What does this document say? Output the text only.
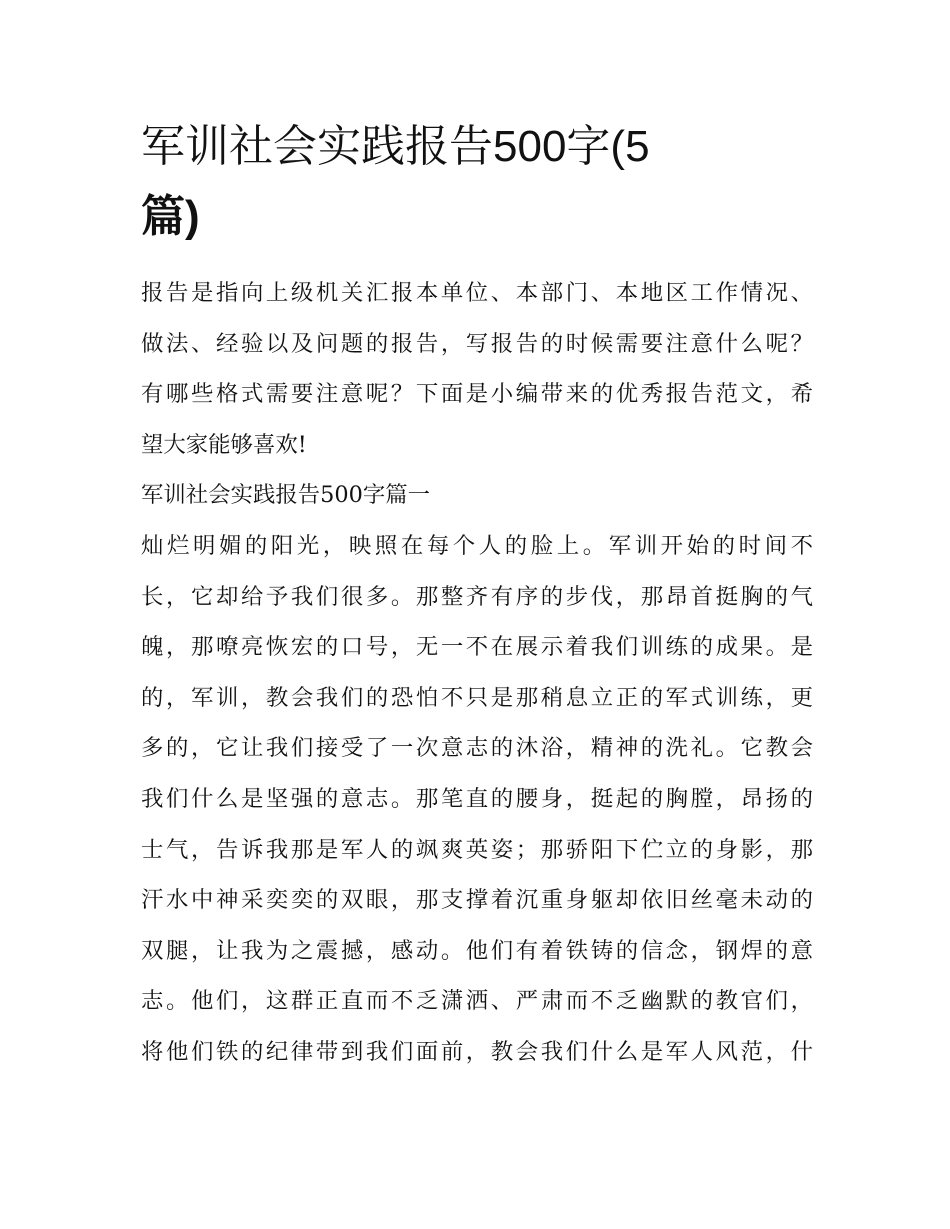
军训社会实践报告500字(5
篇)
报告是指向上级机关汇报本单位、本部门、本地区工作情况、
做法、经验以及问题的报告，写报告的时候需要注意什么呢？
有哪些格式需要注意呢？下面是小编带来的优秀报告范文，希
望大家能够喜欢!
军训社会实践报告500字篇一
灿烂明媚的阳光，映照在每个人的脸上。军训开始的时间不
长，它却给予我们很多。那整齐有序的步伐，那昂首挺胸的气
魄，那嘹亮恢宏的口号，无一不在展示着我们训练的成果。是
的，军训，教会我们的恐怕不只是那稍息立正的军式训练，更
多的，它让我们接受了一次意志的沐浴，精神的洗礼。它教会
我们什么是坚强的意志。那笔直的腰身，挺起的胸膛，昂扬的
士气，告诉我那是军人的飒爽英姿；那骄阳下伫立的身影，那
汗水中神采奕奕的双眼，那支撑着沉重身躯却依旧丝毫未动的
双腿，让我为之震撼，感动。他们有着铁铸的信念，钢焊的意
志。他们，这群正直而不乏潇洒、严肃而不乏幽默的教官们，
将他们铁的纪律带到我们面前，教会我们什么是军人风范，什
